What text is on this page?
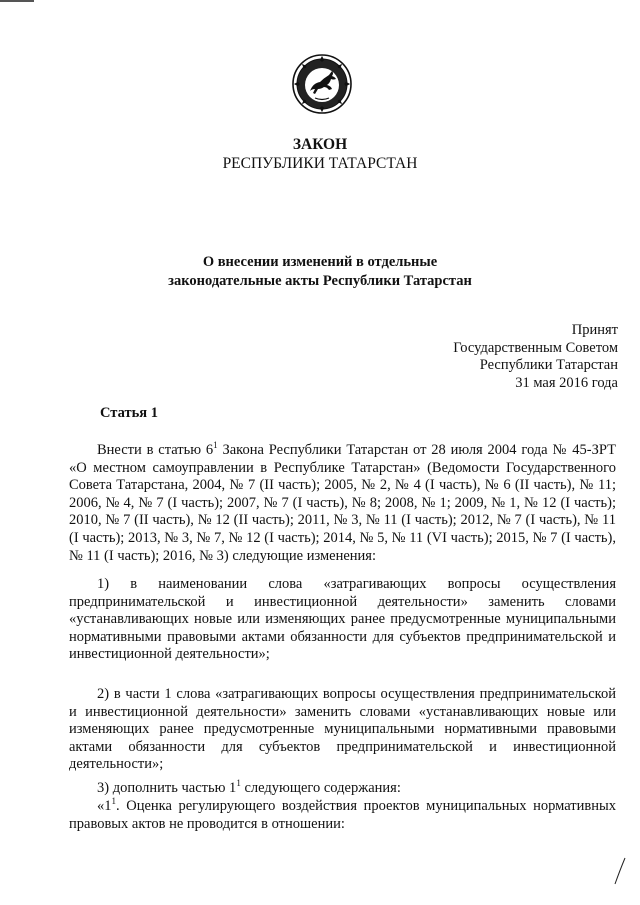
ЗАКОН
РЕСПУБЛИКИ ТАТАРСТАН
О внесении изменений в отдельные
законодательные акты Республики Татарстан
Принят
Государственным Советом
Республики Татарстан
31 мая 2016 года
Статья 1

Внести в статью $6^1$ Закона Республики Татарстан от 28 июля 2004 года № 45-ЗРТ «О местном самоуправлении в Республике Татарстан» (Ведомости Государственного Совета Татарстана, 2004, № 7 (II часть); 2005, № 2, № 4 (I часть), № 6 (II часть), № 11; 2006, № 4, № 7 (I часть); 2007, № 7 (I часть), № 8; 2008, № 1; 2009, № 1, № 12 (I часть); 2010, № 7 (II часть), № 12 (II часть); 2011, № 3, № 11 (I часть); 2012, № 7 (I часть), № 11 (I часть); 2013, № 3, № 7, № 12 (I часть); 2014, № 5, № 11 (VI часть); 2015, № 7 (I часть), № 11 (I часть); 2016, № 3) следующие изменения:

1) в наименовании слова «затрагивающих вопросы осуществления предпринимательской и инвестиционной деятельности» заменить словами «устанавливающих новые или изменяющих ранее предусмотренные муниципальными нормативными правовыми актами обязанности для субъектов предпринимательской и инвестиционной деятельности»;

2) в части 1 слова «затрагивающих вопросы осуществления предпринимательской и инвестиционной деятельности» заменить словами «устанавливающих новые или изменяющих ранее предусмотренные муниципальными нормативными правовыми актами обязанности для субъектов предпринимательской и инвестиционной деятельности»;

3) дополнить частью $1^1$ следующего содержания:

«$1^1$. Оценка регулирующего воздействия проектов муниципальных нормативных правовых актов не проводится в отношении:
